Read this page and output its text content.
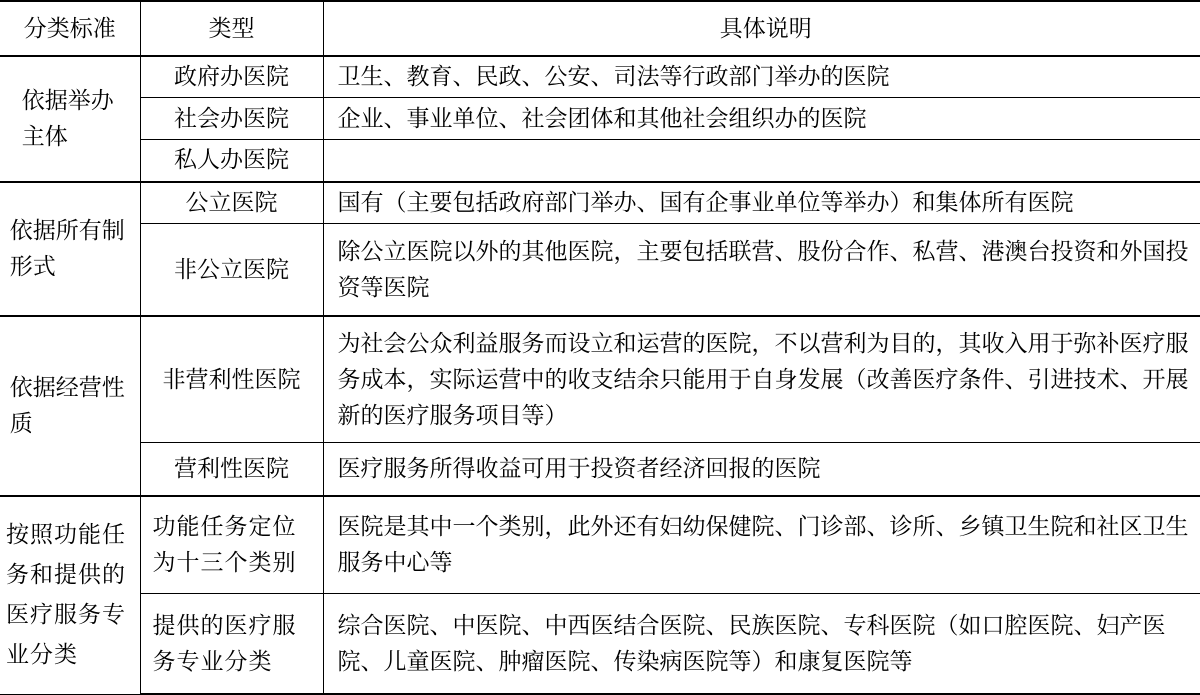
分类标准	类型	具体说明

依据举办主体	政府办医院	卫生、教育、民政、公安、司法等行政部门举办的医院
	社会办医院	企业、事业单位、社会团体和其他社会组织办的医院
	私人办医院	

依据所有制形式	公立医院	国有（主要包括政府部门举办、国有企事业单位等举办）和集体所有医院
	非公立医院	除公立医院以外的其他医院，主要包括联营、股份合作、私营、港澳台投资和外国投资等医院

依据经营性质	非营利性医院	为社会公众利益服务而设立和运营的医院，不以营利为目的，其收入用于弥补医疗服务成本，实际运营中的收支结余只能用于自身发展（改善医疗条件、引进技术、开展新的医疗服务项目等）
	营利性医院	医疗服务所得收益可用于投资者经济回报的医院
按照功能任务和提供的医疗服务专业分类	功能任务定位为十三个类别	医院是其中一个类别，此外还有妇幼保健院、门诊部、诊所、乡镇卫生院和社区卫生服务中心等
	提供的医疗服务专业分类	综合医院、中医院、中西医结合医院、民族医院、专科医院（如口腔医院、妇产医院、儿童医院、肿瘤医院、传染病医院等）和康复医院等
